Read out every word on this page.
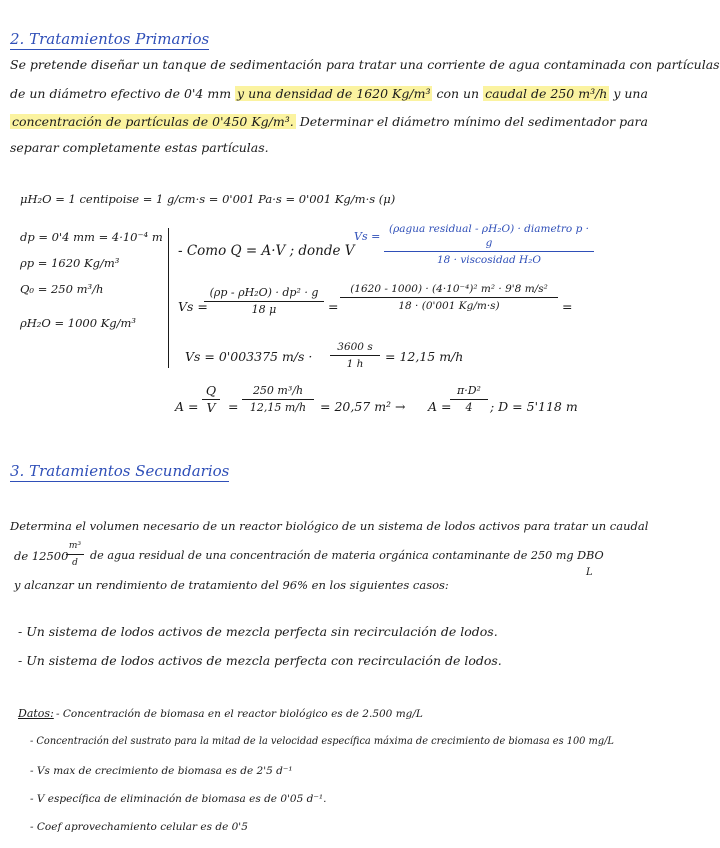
2. Tratamientos Primarios
Se pretende diseñar un tanque de sedimentación para tratar una corriente de agua contaminada con partículas
de un diámetro efectivo de 0'4 mm y una densidad de 1620 Kg/m³ con un caudal de 250 m³/h y una
concentración de partículas de 0'450 Kg/m³. Determinar el diámetro mínimo del sedimentador para
separar completamente estas partículas.
μH₂O = 1 centipoise = 1 g/cm·s = 0'001 Pa·s = 0'001 Kg/m·s (μ)
dp = 0'4 mm = 4·10⁻⁴ m
ρp = 1620 Kg/m³
Q₀ = 250 m³/h
ρH₂O = 1000 Kg/m³
- Como Q = A·V ; donde V
Vs =
(ρagua residual - ρH₂O) · diametro p · g
18 · viscosidad H₂O
Vs =
$\frac{\text{(ρp - ρH₂O) · dp² · g}}{18 \mu} = \frac{\text{(1620 - 1000) · (4·10⁻⁴)² m² · 9'8 m/s²}}{18 \cdot (0'001 Kg/m\cdot s)}$ =
Vs = 0'003375 $m/s \cdot \frac{3600 s}{1 h} = 12,15$ m/h
$A = \frac{Q}{V} = \frac{\text{250 m³/h}}{12,15 m/h} = 20,57$ m² → A =
$\frac{\text{π·D²}}{4}$ ; D = 5'118 m
3. Tratamientos Secundarios
Determina el volumen necesario de un reactor biológico de un sistema de lodos activos para tratar un caudal
de 12500
$\frac{\text{m³}}{d}$ de agua residual de una concentración de materia orgánica contaminante de 250 mg DBO
L
y alcanzar un rendimiento de tratamiento del 96% en los siguientes casos:
- Un sistema de lodos activos de mezcla perfecta sin recirculación de lodos.
- Un sistema de lodos activos de mezcla perfecta con recirculación de lodos.
Datos: - Concentración de biomasa en el reactor biológico es de 2.500 mg/L
- Concentración del sustrato para la mitad de la velocidad específica máxima de crecimiento de biomasa es 100 mg/L
- Vs max de crecimiento de biomasa es de 2'5 d⁻¹
- V específica de eliminación de biomasa es de 0'05 d⁻¹.
- Coef aprovechamiento celular es de 0'5
